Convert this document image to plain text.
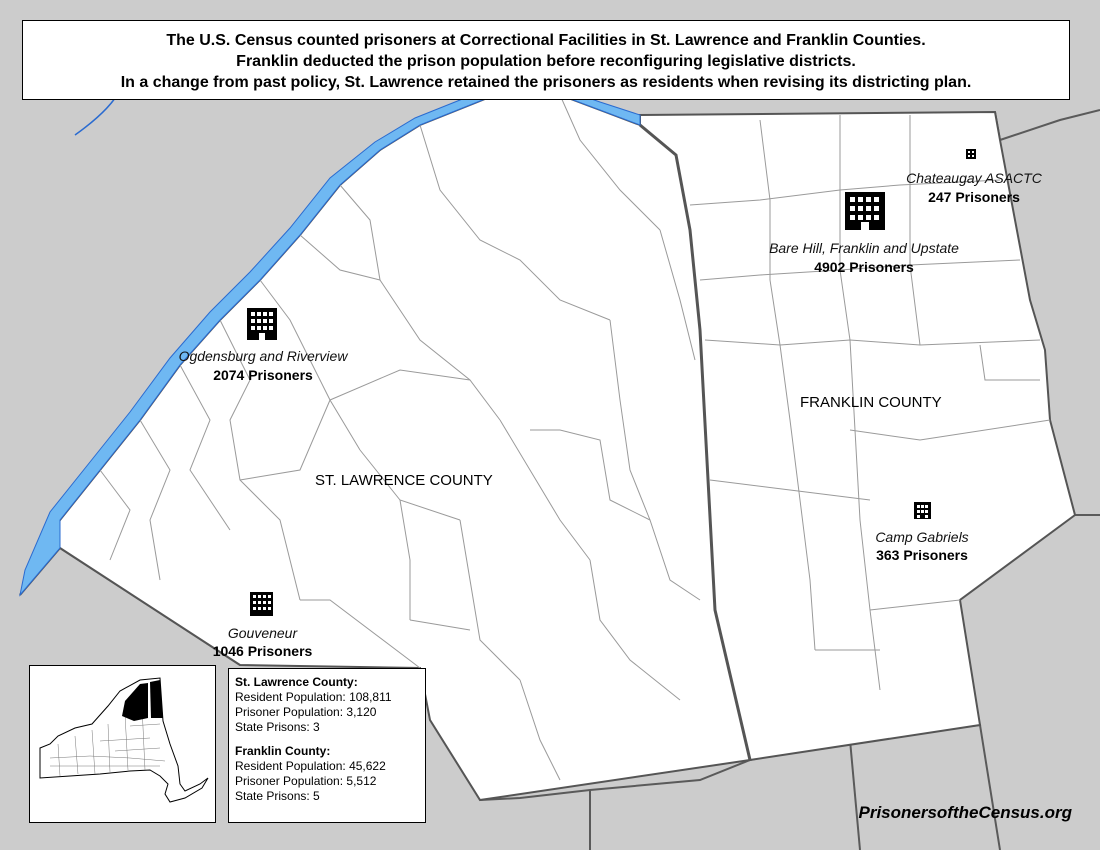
The U.S. Census counted prisoners at Correctional Facilities in St. Lawrence and Franklin Counties.
Franklin deducted the prison population before reconfiguring legislative districts.
In a change from past policy, St. Lawrence retained the prisoners as residents when revising its districting plan.
ST. LAWRENCE COUNTY
FRANKLIN COUNTY
Ogdensburg and Riverview
2074 Prisoners
Gouveneur
1046 Prisoners
Chateaugay ASACTC
247 Prisoners
Bare Hill, Franklin and Upstate
4902 Prisoners
Camp Gabriels
363 Prisoners
St. Lawrence County:
Resident Population: 108,811
Prisoner Population: 3,120
State Prisons: 3
Franklin County:
Resident Population: 45,622
Prisoner Population: 5,512
State Prisons: 5
PrisonersoftheCensus.org
